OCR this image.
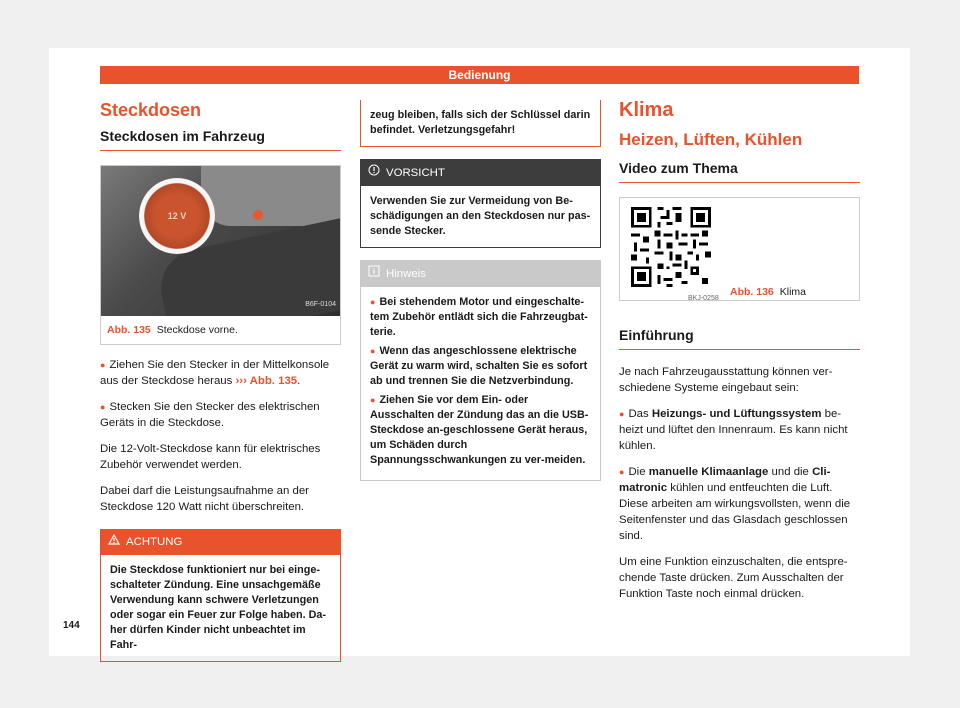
Bedienung
Steckdosen
Steckdosen im Fahrzeug
12 V
B6F-0104
Abb. 135 Steckdose vorne.

● Ziehen Sie den Stecker in der Mittelkonsole aus der Steckdose heraus ››› Abb. 135.

● Stecken Sie den Stecker des elektrischen Geräts in die Steckdose.

Die 12-Volt-Steckdose kann für elektrisches Zubehör verwendet werden.

Dabei darf die Leistungsaufnahme an der Steckdose 120 Watt nicht überschreiten.

ACHTUNG
Die Steckdose funktioniert nur bei einge-schalteter Zündung. Eine unsachgemäße Verwendung kann schwere Verletzungen oder sogar ein Feuer zur Folge haben. Da-her dürfen Kinder nicht unbeachtet im Fahr-
zeug bleiben, falls sich der Schlüssel darin befindet. Verletzungsgefahr!
VORSICHT
Verwenden Sie zur Vermeidung von Be-schädigungen an den Steckdosen nur pas-sende Stecker.
Hinweis

● Bei stehendem Motor und eingeschalte-tem Zubehör entlädt sich die Fahrzeugbat-terie.

● Wenn das angeschlossene elektrische Gerät zu warm wird, schalten Sie es sofort ab und trennen Sie die Netzverbindung.

● Ziehen Sie vor dem Ein- oder Ausschalten der Zündung das an die USB-Steckdose an-geschlossene Gerät heraus, um Schäden durch Spannungsschwankungen zu ver-meiden.

Klima
Heizen, Lüften, Kühlen
Video zum Thema
BKJ-0258
Abb. 136 Klima
Einführung

Je nach Fahrzeugausstattung können ver-schiedene Systeme eingebaut sein:

● Das Heizungs- und Lüftungssystem be-heizt und lüftet den Innenraum. Es kann nicht kühlen.

● Die manuelle Klimaanlage und die Cli-matronic kühlen und entfeuchten die Luft. Diese arbeiten am wirkungsvollsten, wenn die Seitenfenster und das Glasdach geschlossen sind.

Um eine Funktion einzuschalten, die entspre-chende Taste drücken. Zum Ausschalten der Funktion Taste noch einmal drücken.

144
